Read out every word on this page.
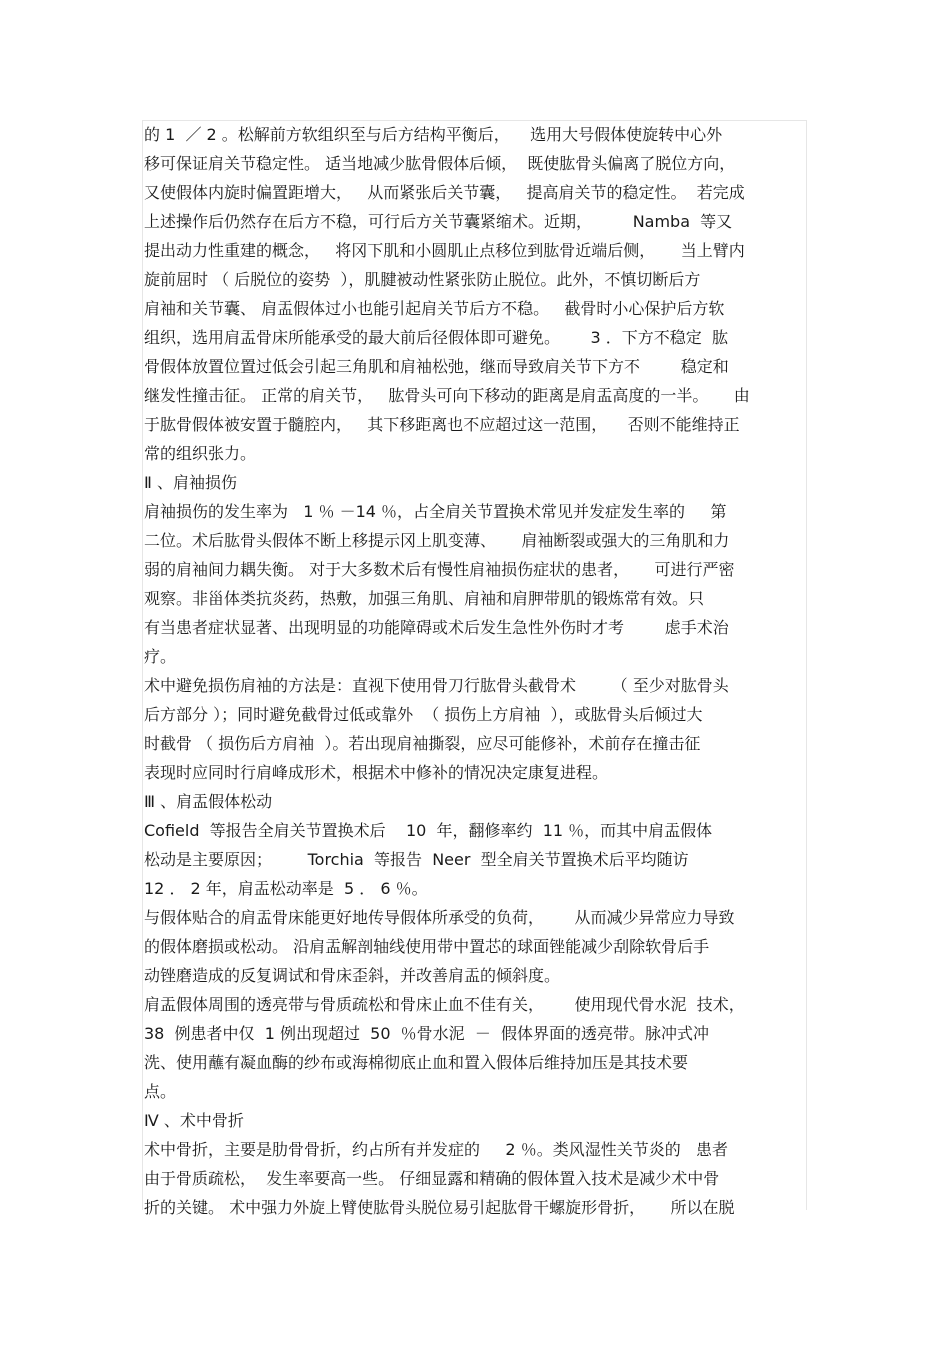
的 1  ／ 2 。松解前方软组织至与后方结构平衡后，    选用大号假体使旋转中心外
移可保证肩关节稳定性。 适当地减少肱骨假体后倾，  既使肱骨头偏离了脱位方向，
又使假体内旋时偏置距增大，   从而紧张后关节囊，   提高肩关节的稳定性。  若完成
上述操作后仍然存在后方不稳，可行后方关节囊紧缩术。近期，        Namba  等又
提出动力性重建的概念，   将冈下肌和小圆肌止点移位到肱骨近端后侧，     当上臂内
旋前屈时 （ 后脱位的姿势  ），肌腱被动性紧张防止脱位。此外，不慎切断后方
肩袖和关节囊、 肩盂假体过小也能引起肩关节后方不稳。   截骨时小心保护后方软
组织，选用肩盂骨床所能承受的最大前后径假体即可避免。      3 ．下方不稳定  肱
骨假体放置位置过低会引起三角肌和肩袖松弛，继而导致肩关节下方不        稳定和
继发性撞击征。 正常的肩关节，   肱骨头可向下移动的距离是肩盂高度的一半。     由
于肱骨假体被安置于髓腔内，   其下移距离也不应超过这一范围，    否则不能维持正
常的组织张力。
Ⅱ 、肩袖损伤
肩袖损伤的发生率为   1 ％ －14 ％，占全肩关节置换术常见并发症发生率的     第
二位。术后肱骨头假体不断上移提示冈上肌变薄、     肩袖断裂或强大的三角肌和力
弱的肩袖间力耦失衡。 对于大多数术后有慢性肩袖损伤症状的患者，     可进行严密
观察。非甾体类抗炎药，热敷，加强三角肌、肩袖和肩胛带肌的锻炼常有效。只
有当患者症状显著、出现明显的功能障碍或术后发生急性外伤时才考        虑手术治
疗。
术中避免损伤肩袖的方法是：直视下使用骨刀行肱骨头截骨术       （ 至少对肱骨头
后方部分 ）；同时避免截骨过低或靠外  （ 损伤上方肩袖  ），或肱骨头后倾过大
时截骨 （ 损伤后方肩袖  ）。若出现肩袖撕裂，应尽可能修补，术前存在撞击征
表现时应同时行肩峰成形术，根据术中修补的情况决定康复进程。
Ⅲ 、肩盂假体松动
Cofield  等报告全肩关节置换术后    10  年，翻修率约  11 ％，而其中肩盂假体
松动是主要原因；       Torchia  等报告  Neer  型全肩关节置换术后平均随访
12 ． 2 年，肩盂松动率是  5 ． 6 ％。
与假体贴合的肩盂骨床能更好地传导假体所承受的负荷，      从而减少异常应力导致
的假体磨损或松动。 沿肩盂解剖轴线使用带中置芯的球面锉能减少刮除软骨后手
动锉磨造成的反复调试和骨床歪斜，并改善肩盂的倾斜度。
肩盂假体周围的透亮带与骨质疏松和骨床止血不佳有关，      使用现代骨水泥  技术，
38  例患者中仅  1 例出现超过  50  ％骨水泥  －  假体界面的透亮带。脉冲式冲
洗、使用蘸有凝血酶的纱布或海棉彻底止血和置入假体后维持加压是其技术要
点。
Ⅳ 、术中骨折
术中骨折，主要是肋骨骨折，约占所有并发症的     2 ％。类风湿性关节炎的   患者
由于骨质疏松，  发生率要高一些。 仔细显露和精确的假体置入技术是减少术中骨
折的关键。 术中强力外旋上臂使肱骨头脱位易引起肱骨干螺旋形骨折，     所以在脱
